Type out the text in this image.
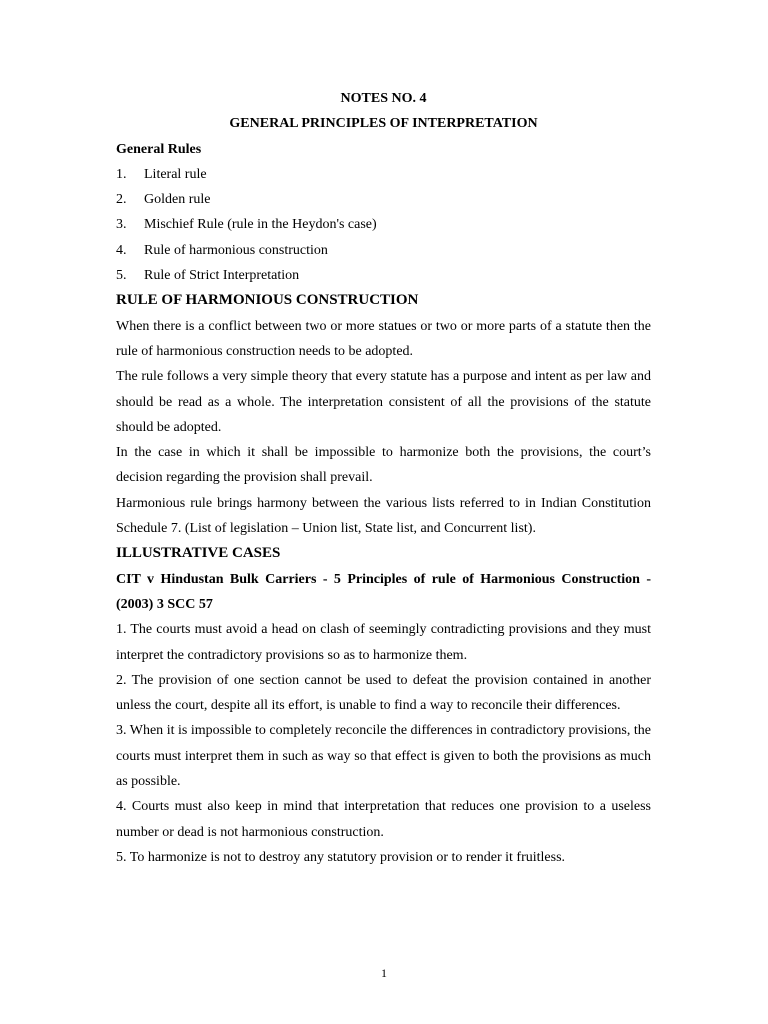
NOTES NO. 4

GENERAL PRINCIPLES OF INTERPRETATION

General Rules

1.	Literal rule
2.	Golden rule
3.	Mischief Rule (rule in the Heydon's case)
4.	Rule of harmonious construction
5.	Rule of Strict Interpretation

RULE OF HARMONIOUS CONSTRUCTION

When there is a conflict between two or more statues or two or more parts of a statute then the rule of harmonious construction needs to be adopted.

The rule follows a very simple theory that every statute has a purpose and intent as per law and should be read as a whole. The interpretation consistent of all the provisions of the statute should be adopted.

In the case in which it shall be impossible to harmonize both the provisions, the court’s decision regarding the provision shall prevail.

Harmonious rule brings harmony between the various lists referred to in Indian Constitution Schedule 7. (List of legislation – Union list, State list, and Concurrent list).

ILLUSTRATIVE CASES

CIT v Hindustan Bulk Carriers - 5 Principles of rule of Harmonious Construction - (2003) 3 SCC 57

1. The courts must avoid a head on clash of seemingly contradicting provisions and they must interpret the contradictory provisions so as to harmonize them.

2. The provision of one section cannot be used to defeat the provision contained in another unless the court, despite all its effort, is unable to find a way to reconcile their differences.

3. When it is impossible to completely reconcile the differences in contradictory provisions, the courts must interpret them in such as way so that effect is given to both the provisions as much as possible.

4. Courts must also keep in mind that interpretation that reduces one provision to a useless number or dead is not harmonious construction.

5. To harmonize is not to destroy any statutory provision or to render it fruitless.

1
